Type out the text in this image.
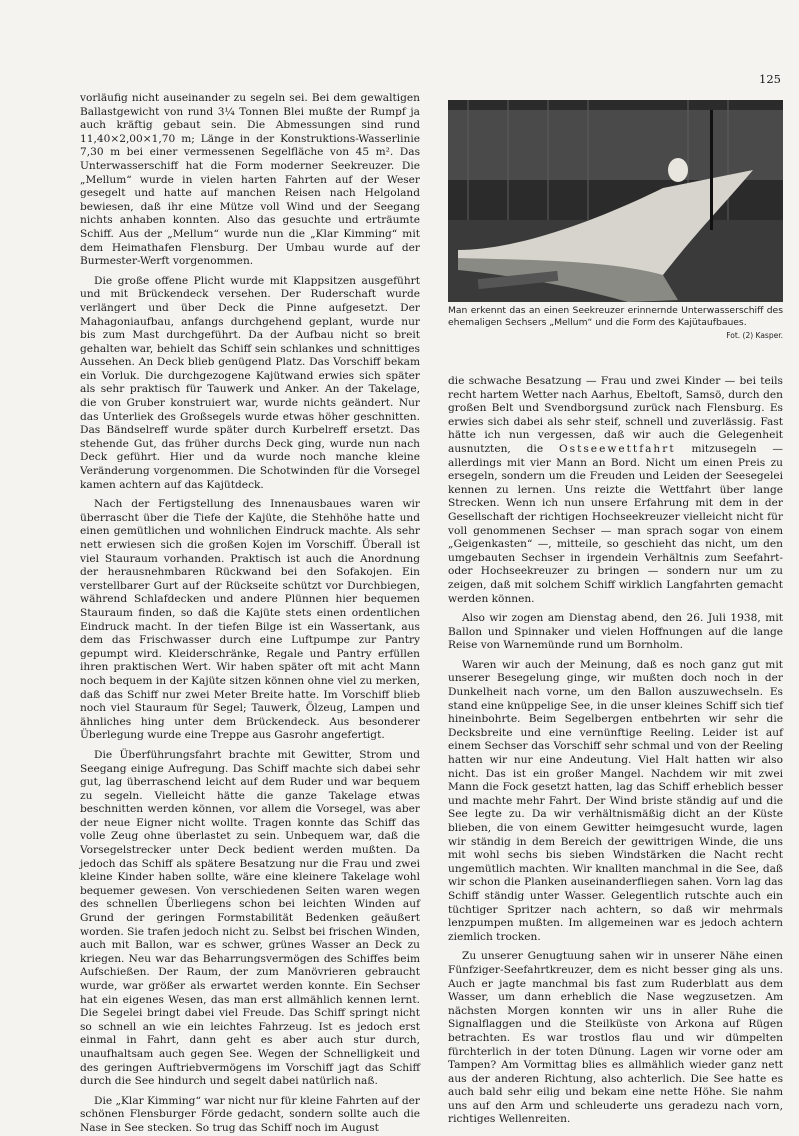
125

vorläufig nicht auseinander zu segeln sei. Bei dem gewaltigen Ballastgewicht von rund 3¼ Tonnen Blei mußte der Rumpf ja auch kräftig gebaut sein. Die Abmessungen sind rund 11,40×2,00×1,70 m; Länge in der Konstruktions-Wasserlinie 7,30 m bei einer vermessenen Segelfläche von 45 m². Das Unterwasserschiff hat die Form moderner Seekreuzer. Die „Mellum“ wurde in vielen harten Fahrten auf der Weser gesegelt und hatte auf manchen Reisen nach Helgoland bewiesen, daß ihr eine Mütze voll Wind und der Seegang nichts anhaben konnten. Also das gesuchte und erträumte Schiff. Aus der „Mellum“ wurde nun die „Klar Kimming“ mit dem Heimathafen Flensburg. Der Umbau wurde auf der Burmester-Werft vorgenommen.

Die große offene Plicht wurde mit Klappsitzen ausgeführt und mit Brückendeck versehen. Der Ruderschaft wurde verlängert und über Deck die Pinne aufgesetzt. Der Mahagoniaufbau, anfangs durchgehend geplant, wurde nur bis zum Mast durchgeführt. Da der Aufbau nicht so breit gehalten war, behielt das Schiff sein schlankes und schnittiges Aussehen. An Deck blieb genügend Platz. Das Vorschiff bekam ein Vorluk. Die durchgezogene Kajütwand erwies sich später als sehr praktisch für Tauwerk und Anker. An der Takelage, die von Gruber konstruiert war, wurde nichts geändert. Nur das Unterliek des Großsegels wurde etwas höher geschnitten. Das Bändselreff wurde später durch Kurbelreff ersetzt. Das stehende Gut, das früher durchs Deck ging, wurde nun nach Deck geführt. Hier und da wurde noch manche kleine Veränderung vorgenommen. Die Schotwinden für die Vorsegel kamen achtern auf das Kajütdeck.

Nach der Fertigstellung des Innenausbaues waren wir überrascht über die Tiefe der Kajüte, die Stehhöhe hatte und einen gemütlichen und wohnlichen Eindruck machte. Als sehr nett erwiesen sich die großen Kojen im Vorschiff. Überall ist viel Stauraum vorhanden. Praktisch ist auch die Anordnung der herausnehmbaren Rückwand bei den Sofakojen. Ein verstellbarer Gurt auf der Rückseite schützt vor Durchbiegen, während Schlafdecken und andere Plünnen hier bequemen Stauraum finden, so daß die Kajüte stets einen ordentlichen Eindruck macht. In der tiefen Bilge ist ein Wassertank, aus dem das Frischwasser durch eine Luftpumpe zur Pantry gepumpt wird. Kleiderschränke, Regale und Pantry erfüllen ihren praktischen Wert. Wir haben später oft mit acht Mann noch bequem in der Kajüte sitzen können ohne viel zu merken, daß das Schiff nur zwei Meter Breite hatte. Im Vorschiff blieb noch viel Stauraum für Segel; Tauwerk, Ölzeug, Lampen und ähnliches hing unter dem Brückendeck. Aus besonderer Überlegung wurde eine Treppe aus Gasrohr angefertigt.

Die Überführungsfahrt brachte mit Gewitter, Strom und Seegang einige Aufregung. Das Schiff machte sich dabei sehr gut, lag überraschend leicht auf dem Ruder und war bequem zu segeln. Vielleicht hätte die ganze Takelage etwas beschnitten werden können, vor allem die Vorsegel, was aber der neue Eigner nicht wollte. Tragen konnte das Schiff das volle Zeug ohne überlastet zu sein. Unbequem war, daß die Vorsegelstrecker unter Deck bedient werden mußten. Da jedoch das Schiff als spätere Besatzung nur die Frau und zwei kleine Kinder haben sollte, wäre eine kleinere Takelage wohl bequemer gewesen. Von verschiedenen Seiten waren wegen des schnellen Überliegens schon bei leichten Winden auf Grund der geringen Formstabilität Bedenken geäußert worden. Sie trafen jedoch nicht zu. Selbst bei frischen Winden, auch mit Ballon, war es schwer, grünes Wasser an Deck zu kriegen. Neu war das Beharrungsvermögen des Schiffes beim Aufschießen. Der Raum, der zum Manövrieren gebraucht wurde, war größer als erwartet werden konnte. Ein Sechser hat ein eigenes Wesen, das man erst allmählich kennen lernt. Die Segelei bringt dabei viel Freude. Das Schiff springt nicht so schnell an wie ein leichtes Fahrzeug. Ist es jedoch erst einmal in Fahrt, dann geht es aber auch stur durch, unaufhaltsam auch gegen See. Wegen der Schnelligkeit und des geringen Auftriebvermögens im Vorschiff jagt das Schiff durch die See hindurch und segelt dabei natürlich naß.

Die „Klar Kimming“ war nicht nur für kleine Fahrten auf der schönen Flensburger Förde gedacht, sondern sollte auch die Nase in See stecken. So trug das Schiff noch im August

Man erkennt das an einen Seekreuzer erinnernde Unterwasserschiff des ehemaligen Sechsers „Mellum“ und die Form des Kajütaufbaues.
Fot. (2) Kasper.

die schwache Besatzung — Frau und zwei Kinder — bei teils recht hartem Wetter nach Aarhus, Ebeltoft, Samsö, durch den großen Belt und Svendborgsund zurück nach Flensburg. Es erwies sich dabei als sehr steif, schnell und zuverlässig. Fast hätte ich nun vergessen, daß wir auch die Gelegenheit ausnutzten, die Ostseewettfahrt mitzusegeln — allerdings mit vier Mann an Bord. Nicht um einen Preis zu ersegeln, sondern um die Freuden und Leiden der Seesegelei kennen zu lernen. Uns reizte die Wettfahrt über lange Strecken. Wenn ich nun unsere Erfahrung mit dem in der Gesellschaft der richtigen Hochseekreuzer vielleicht nicht für voll genommenen Sechser — man sprach sogar von einem „Geigenkasten“ —, mitteile, so geschieht das nicht, um den umgebauten Sechser in irgendein Verhältnis zum Seefahrt- oder Hochseekreuzer zu bringen — sondern nur um zu zeigen, daß mit solchem Schiff wirklich Langfahrten gemacht werden können.

Also wir zogen am Dienstag abend, den 26. Juli 1938, mit Ballon und Spinnaker und vielen Hoffnungen auf die lange Reise von Warnemünde rund um Bornholm.

Waren wir auch der Meinung, daß es noch ganz gut mit unserer Besegelung ginge, wir mußten doch noch in der Dunkelheit nach vorne, um den Ballon auszuwechseln. Es stand eine knüppelige See, in die unser kleines Schiff sich tief hineinbohrte. Beim Segelbergen entbehrten wir sehr die Decksbreite und eine vernünftige Reeling. Leider ist auf einem Sechser das Vorschiff sehr schmal und von der Reeling hatten wir nur eine Andeutung. Viel Halt hatten wir also nicht. Das ist ein großer Mangel. Nachdem wir mit zwei Mann die Fock gesetzt hatten, lag das Schiff erheblich besser und machte mehr Fahrt. Der Wind briste ständig auf und die See legte zu. Da wir verhältnismäßig dicht an der Küste blieben, die von einem Gewitter heimgesucht wurde, lagen wir ständig in dem Bereich der gewittrigen Winde, die uns mit wohl sechs bis sieben Windstärken die Nacht recht ungemütlich machten. Wir knallten manchmal in die See, daß wir schon die Planken auseinanderfliegen sahen. Vorn lag das Schiff ständig unter Wasser. Gelegentlich rutschte auch ein tüchtiger Spritzer nach achtern, so daß wir mehrmals lenzpumpen mußten. Im allgemeinen war es jedoch achtern ziemlich trocken.

Zu unserer Genugtuung sahen wir in unserer Nähe einen Fünfziger-Seefahrtkreuzer, dem es nicht besser ging als uns. Auch er jagte manchmal bis fast zum Ruderblatt aus dem Wasser, um dann erheblich die Nase wegzusetzen. Am nächsten Morgen konnten wir uns in aller Ruhe die Signalflaggen und die Steilküste von Arkona auf Rügen betrachten. Es war trostlos flau und wir dümpelten fürchterlich in der toten Dünung. Lagen wir vorne oder am Tampen? Am Vormittag blies es allmählich wieder ganz nett aus der anderen Richtung, also achterlich. Die See hatte es auch bald sehr eilig und bekam eine nette Höhe. Sie nahm uns auf den Arm und schleuderte uns geradezu nach vorn, richtiges Wellenreiten.
